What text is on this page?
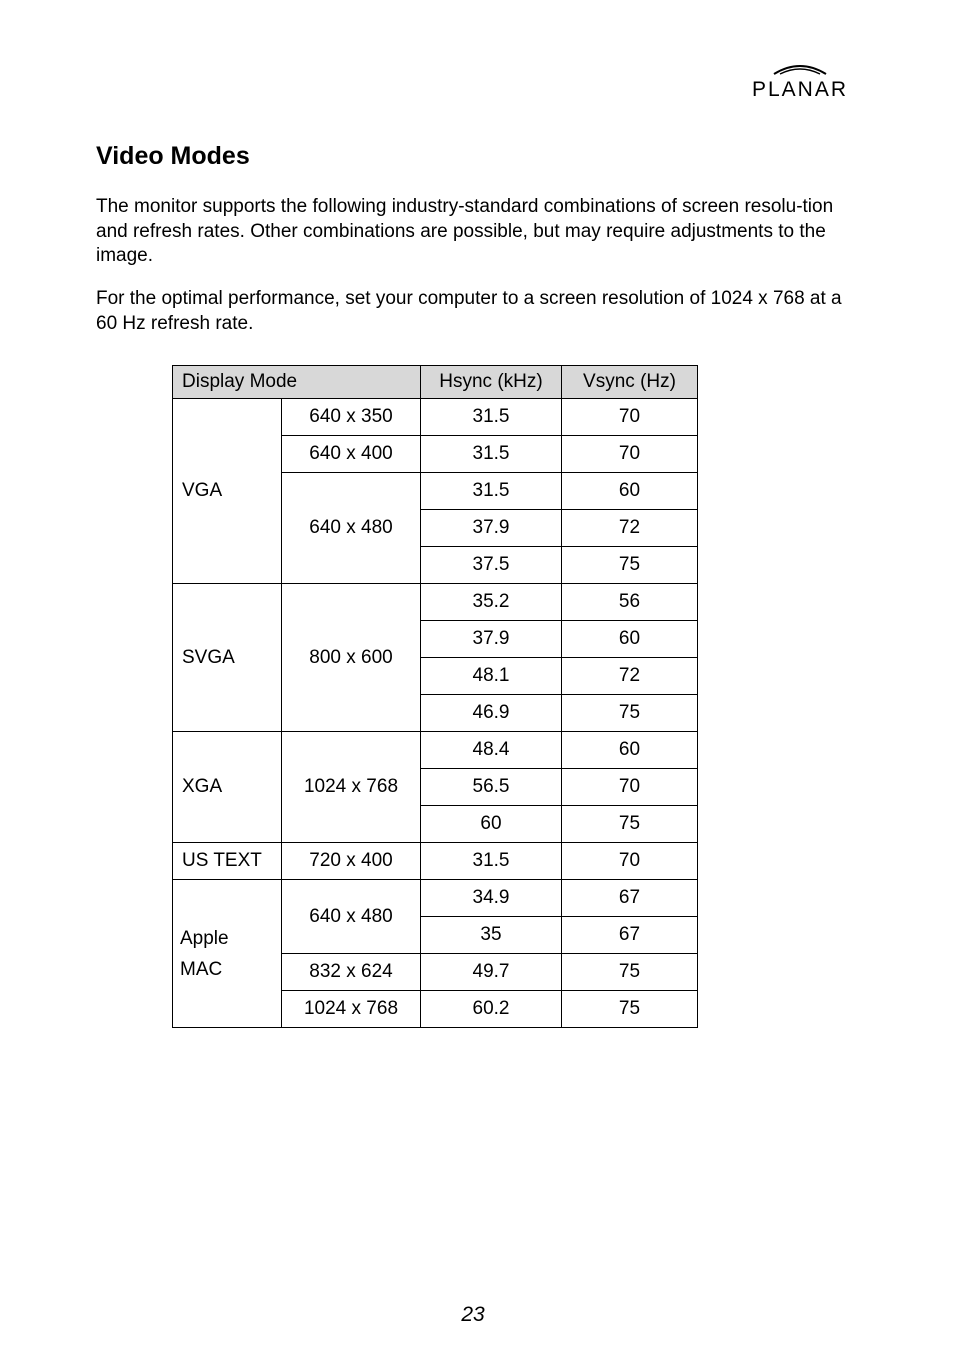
PLANAR
Video Modes

The monitor supports the following industry-standard combinations of screen resolu-tion and refresh rates. Other combinations are possible, but may require adjustments to the image.

For the optimal performance, set your computer to a screen resolution of 1024 x 768 at a 60 Hz refresh rate.

Display Mode		Hsync (kHz)	Vsync (Hz)
VGA	640 x 350	31.5	70
	640 x 400	31.5	70
	640 x 480	31.5	60
		37.9	72
		37.5	75
SVGA	800 x 600	35.2	56
		37.9	60
		48.1	72
		46.9	75
XGA	1024 x 768	48.4	60
		56.5	70
		60	75
US TEXT	720 x 400	31.5	70

Apple
MAC	640 x 480	34.9	67
		35	67
	832 x 624	49.7	75
	1024 x 768	60.2	75
23
